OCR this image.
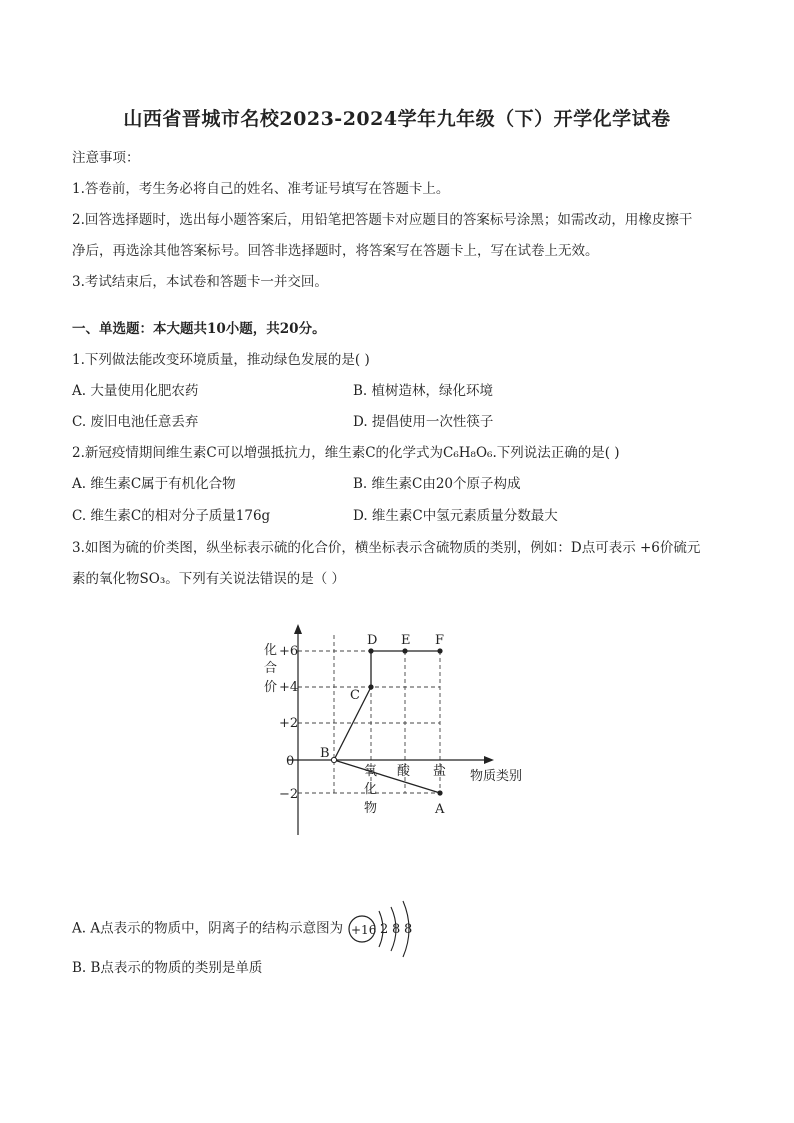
山西省晋城市名校2023-2024学年九年级（下）开学化学试卷
注意事项：
1.答卷前，考生务必将自己的姓名、准考证号填写在答题卡上。
2.回答选择题时，选出每小题答案后，用铅笔把答题卡对应题目的答案标号涂黑；如需改动，用橡皮擦干
净后，再选涂其他答案标号。回答非选择题时，将答案写在答题卡上，写在试卷上无效。
3.考试结束后，本试卷和答题卡一并交回。
一、单选题：本大题共10小题，共20分。
1.下列做法能改变环境质量，推动绿色发展的是( )
A. 大量使用化肥农药	B. 植树造林，绿化环境
C. 废旧电池任意丢弃	D. 提倡使用一次性筷子
2.新冠疫情期间维生素C可以增强抵抗力，维生素C的化学式为C₆H₈O₆.下列说法正确的是( )
A. 维生素C属于有机化合物	B. 维生素C由20个原子构成
C. 维生素C的相对分子质量176g	D. 维生素C中氢元素质量分数最大
3.如图为硫的价类图，纵坐标表示硫的化合价，横坐标表示含硫物质的类别，例如：D点可表示 +6价硫元
素的氧化物SO₃。下列有关说法错误的是（ ）
化
合
价
+6
+4
+2
0
−2
D E F
C
B
A
氧
化
物
酸 盐 物质类别
A. A点表示的物质中，阴离子的结构示意图为 +16 2 8 8
B. B点表示的物质的类别是单质
